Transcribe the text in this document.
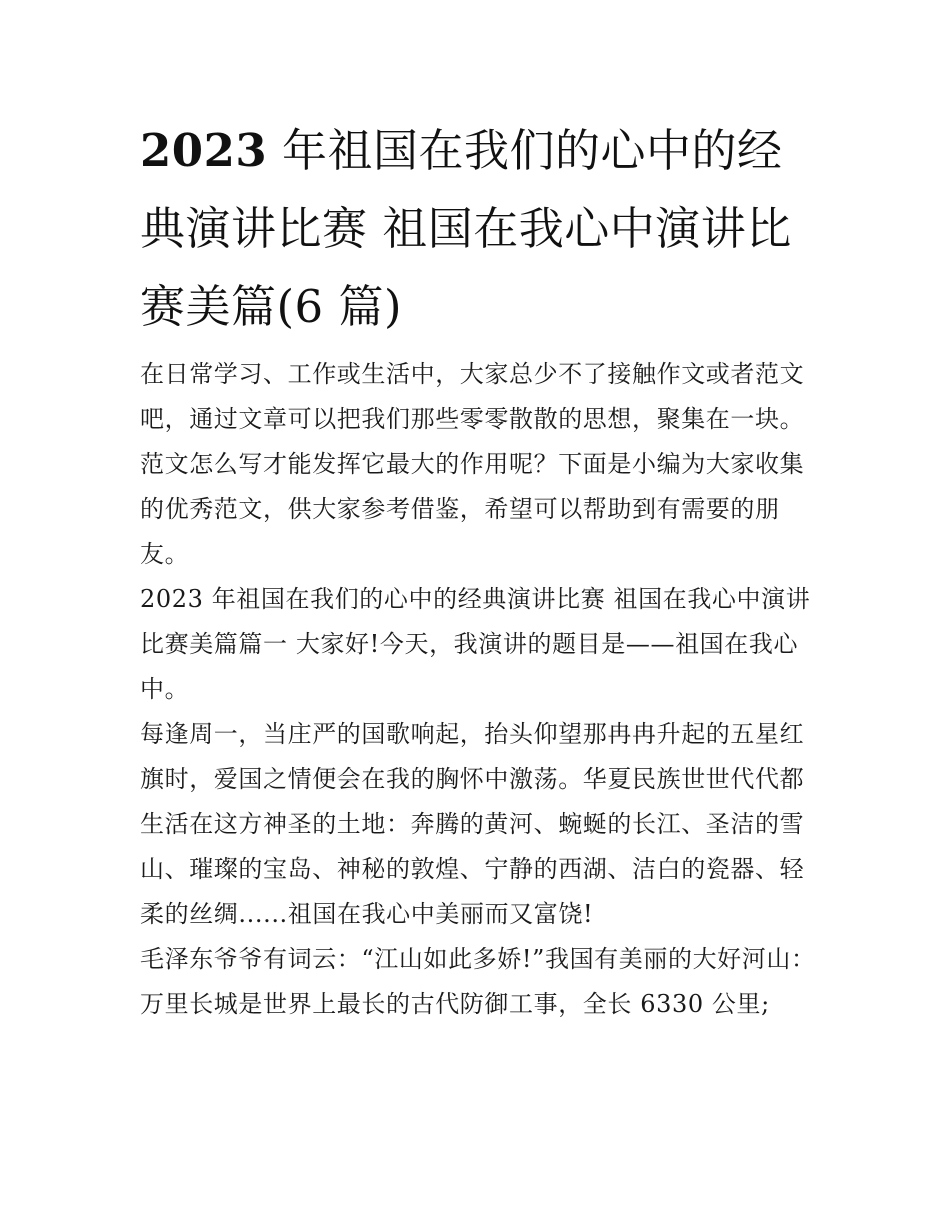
2023 年祖国在我们的心中的经典演讲比赛 祖国在我心中演讲比赛美篇(6 篇)

在日常学习、工作或生活中，大家总少不了接触作文或者范文吧，通过文章可以把我们那些零零散散的思想，聚集在一块。范文怎么写才能发挥它最大的作用呢？下面是小编为大家收集的优秀范文，供大家参考借鉴，希望可以帮助到有需要的朋友。

2023 年祖国在我们的心中的经典演讲比赛 祖国在我心中演讲比赛美篇篇一 大家好!今天，我演讲的题目是——祖国在我心中。

每逢周一，当庄严的国歌响起，抬头仰望那冉冉升起的五星红旗时，爱国之情便会在我的胸怀中激荡。华夏民族世世代代都生活在这方神圣的土地：奔腾的黄河、蜿蜒的长江、圣洁的雪山、璀璨的宝岛、神秘的敦煌、宁静的西湖、洁白的瓷器、轻柔的丝绸......祖国在我心中美丽而又富饶!

毛泽东爷爷有词云：“江山如此多娇!”我国有美丽的大好河山：万里长城是世界上最长的古代防御工事，全长 6330 公里;
